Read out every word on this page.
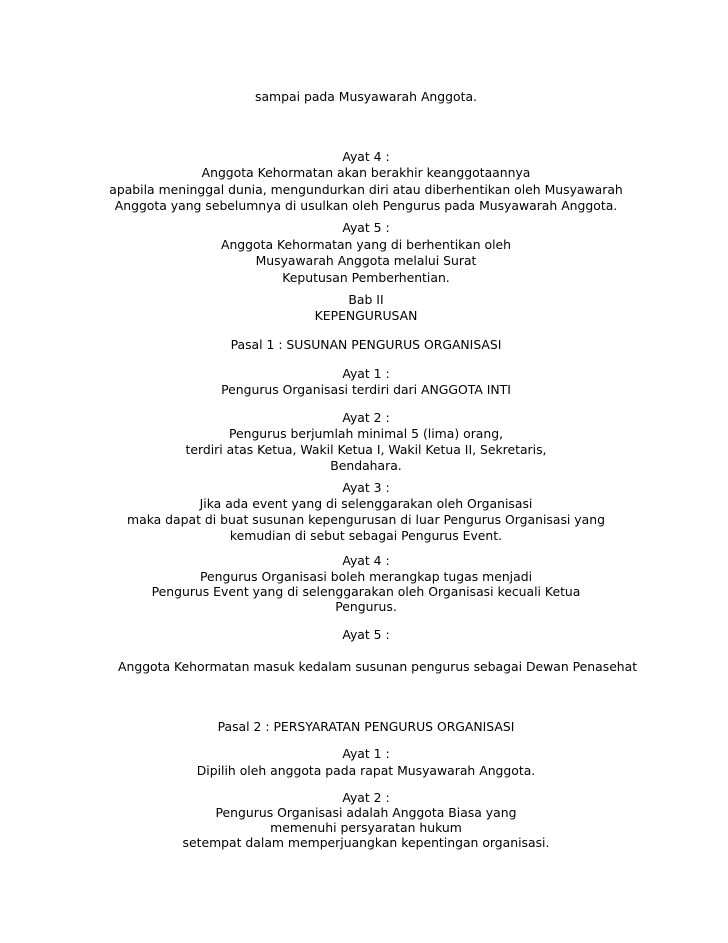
sampai pada Musyawarah Anggota.
Ayat 4 :
Anggota Kehormatan akan berakhir keanggotaannya
apabila meninggal dunia, mengundurkan diri atau diberhentikan oleh Musyawarah
Anggota yang sebelumnya di usulkan oleh Pengurus pada Musyawarah Anggota.
Ayat 5 :
Anggota Kehormatan yang di berhentikan oleh
Musyawarah Anggota melalui Surat
Keputusan Pemberhentian.
Bab II
KEPENGURUSAN
Pasal 1 : SUSUNAN PENGURUS ORGANISASI
Ayat 1 :
Pengurus Organisasi terdiri dari ANGGOTA INTI
Ayat 2 :
Pengurus berjumlah minimal 5 (lima) orang,
terdiri atas Ketua, Wakil Ketua I, Wakil Ketua II, Sekretaris,
Bendahara.
Ayat 3 :
Jika ada event yang di selenggarakan oleh Organisasi
maka dapat di buat susunan kepengurusan di luar Pengurus Organisasi yang
kemudian di sebut sebagai Pengurus Event.
Ayat 4 :
Pengurus Organisasi boleh merangkap tugas menjadi
Pengurus Event yang di selenggarakan oleh Organisasi kecuali Ketua
Pengurus.
Ayat 5 :
Anggota Kehormatan masuk kedalam susunan pengurus sebagai Dewan Penasehat
Pasal 2 : PERSYARATAN PENGURUS ORGANISASI
Ayat 1 :
Dipilih oleh anggota pada rapat Musyawarah Anggota.
Ayat 2 :
Pengurus Organisasi adalah Anggota Biasa yang
memenuhi persyaratan hukum
setempat dalam memperjuangkan kepentingan organisasi.
